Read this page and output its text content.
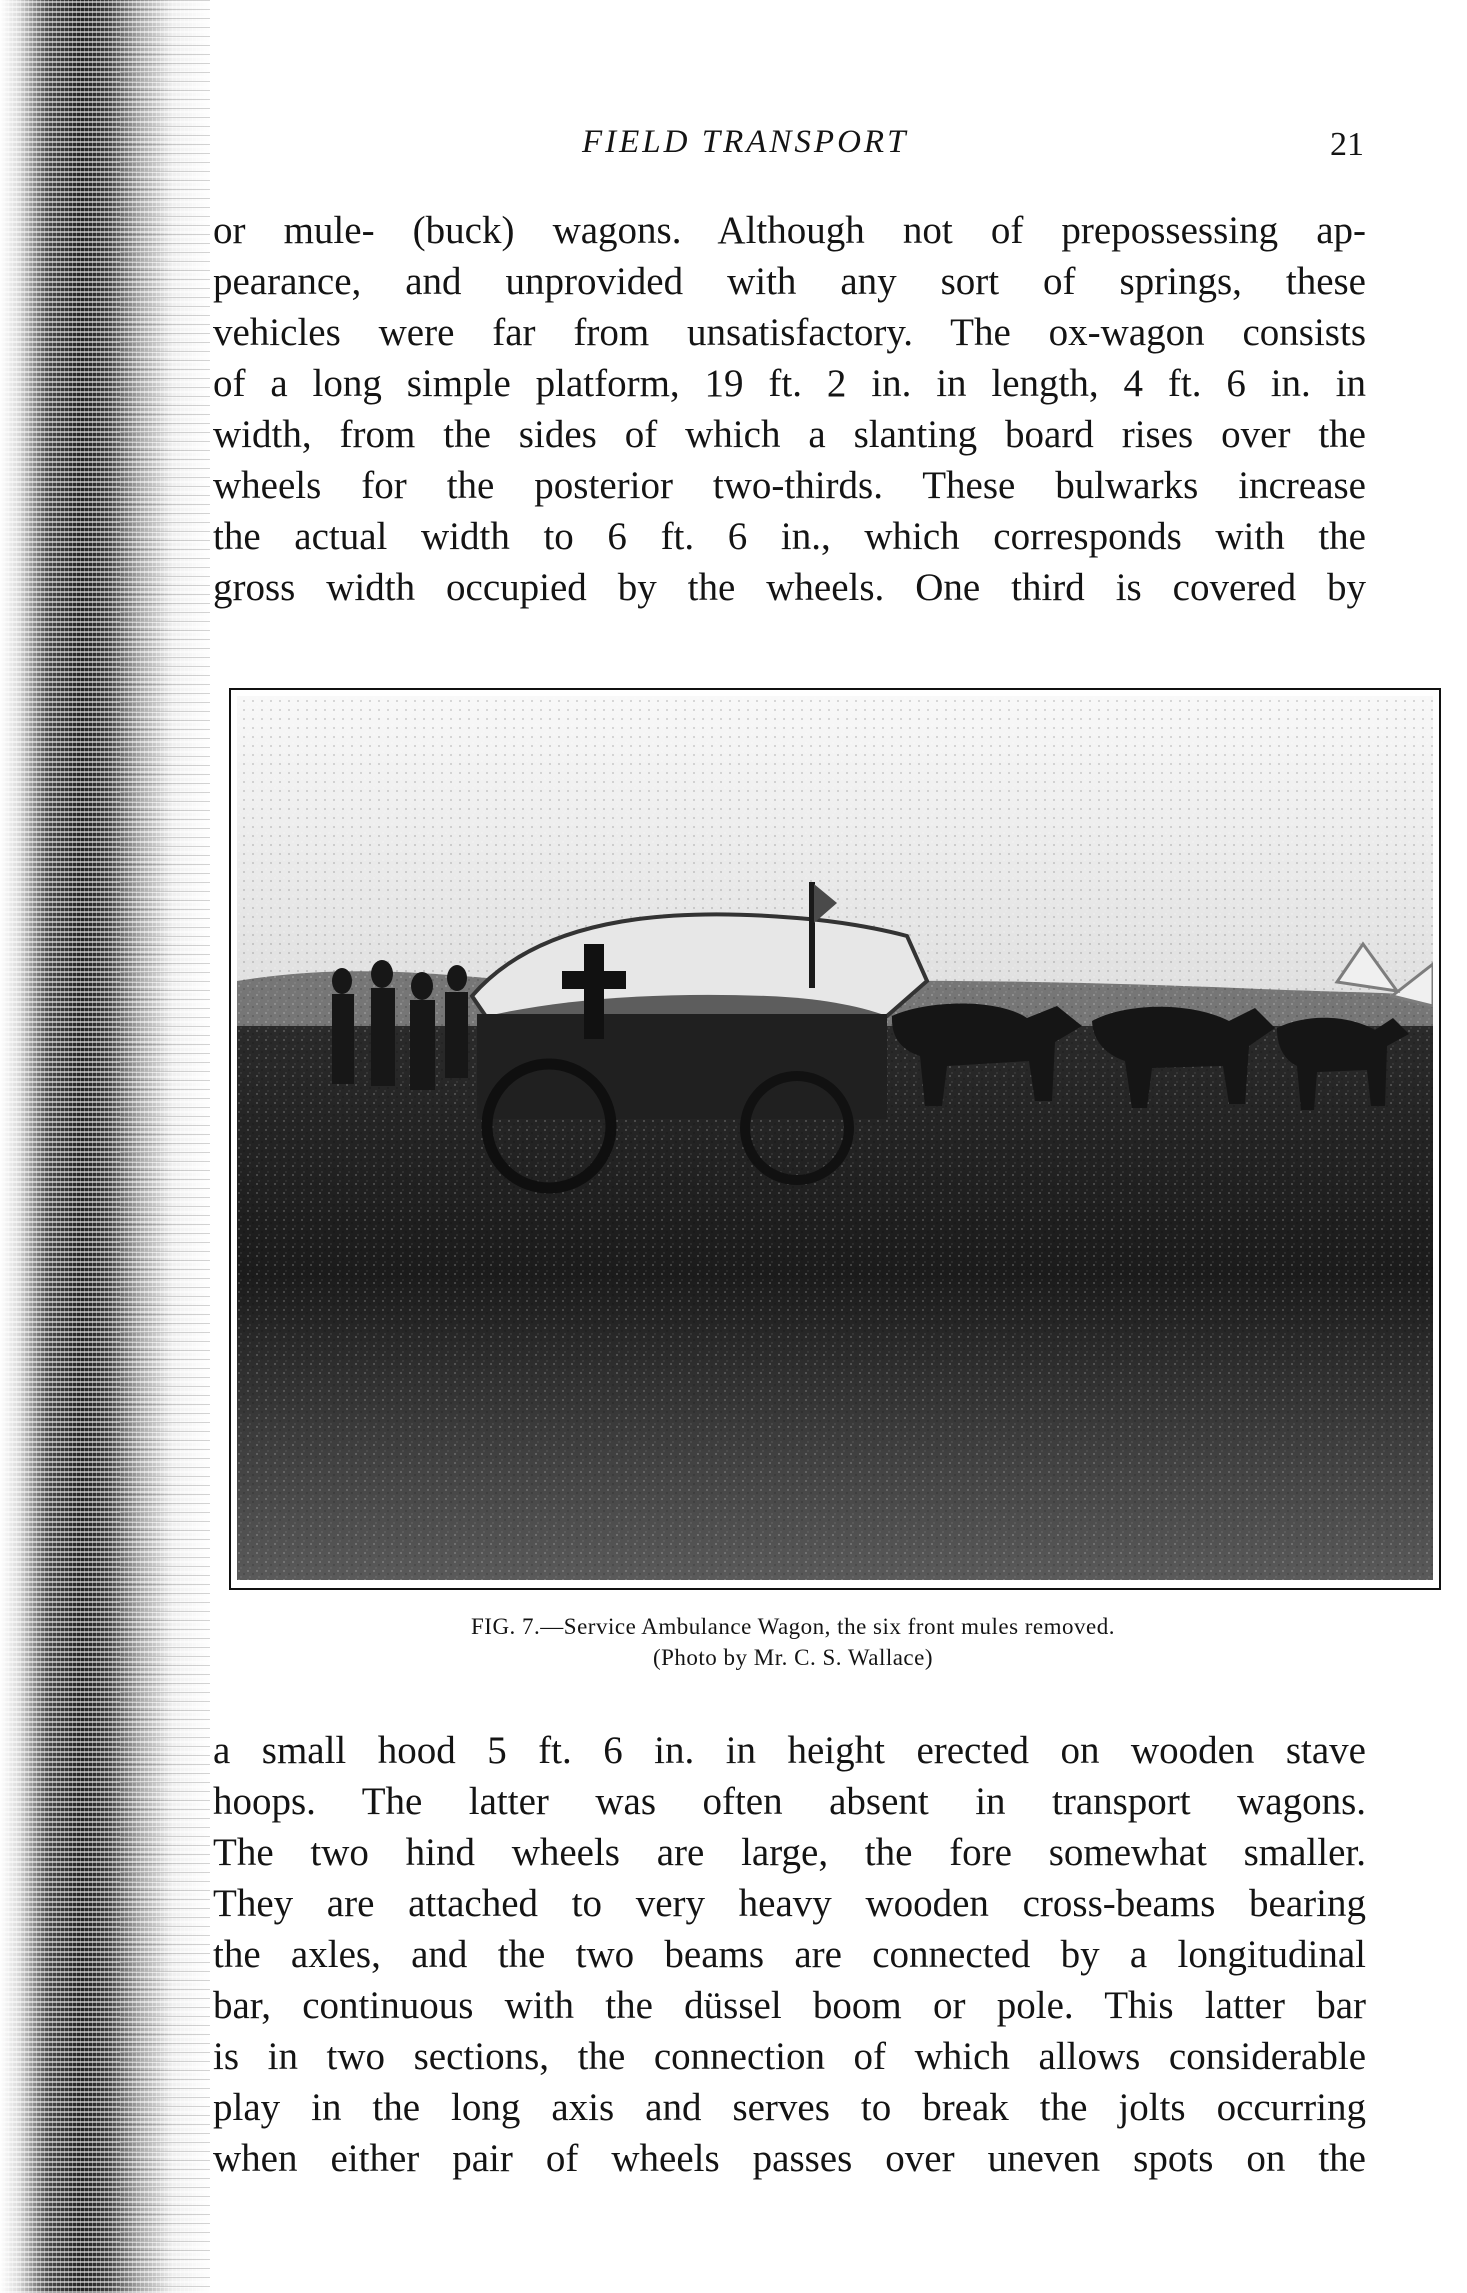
FIELD TRANSPORT	21
or mule- (buck) wagons. Although not of prepossessing ap-
pearance, and unprovided with any sort of springs, these
vehicles were far from unsatisfactory. The ox-wagon consists
of a long simple platform, 19 ft. 2 in. in length, 4 ft. 6 in. in
width, from the sides of which a slanting board rises over the
wheels for the posterior two-thirds. These bulwarks increase
the actual width to 6 ft. 6 in., which corresponds with the
gross width occupied by the wheels. One third is covered by
FIG. 7.—Service Ambulance Wagon, the six front mules removed.
(Photo by Mr. C. S. Wallace)
a small hood 5 ft. 6 in. in height erected on wooden stave
hoops. The latter was often absent in transport wagons.
The two hind wheels are large, the fore somewhat smaller.
They are attached to very heavy wooden cross-beams bearing
the axles, and the two beams are connected by a longitudinal
bar, continuous with the düssel boom or pole. This latter bar
is in two sections, the connection of which allows considerable
play in the long axis and serves to break the jolts occurring
when either pair of wheels passes over uneven spots on the
